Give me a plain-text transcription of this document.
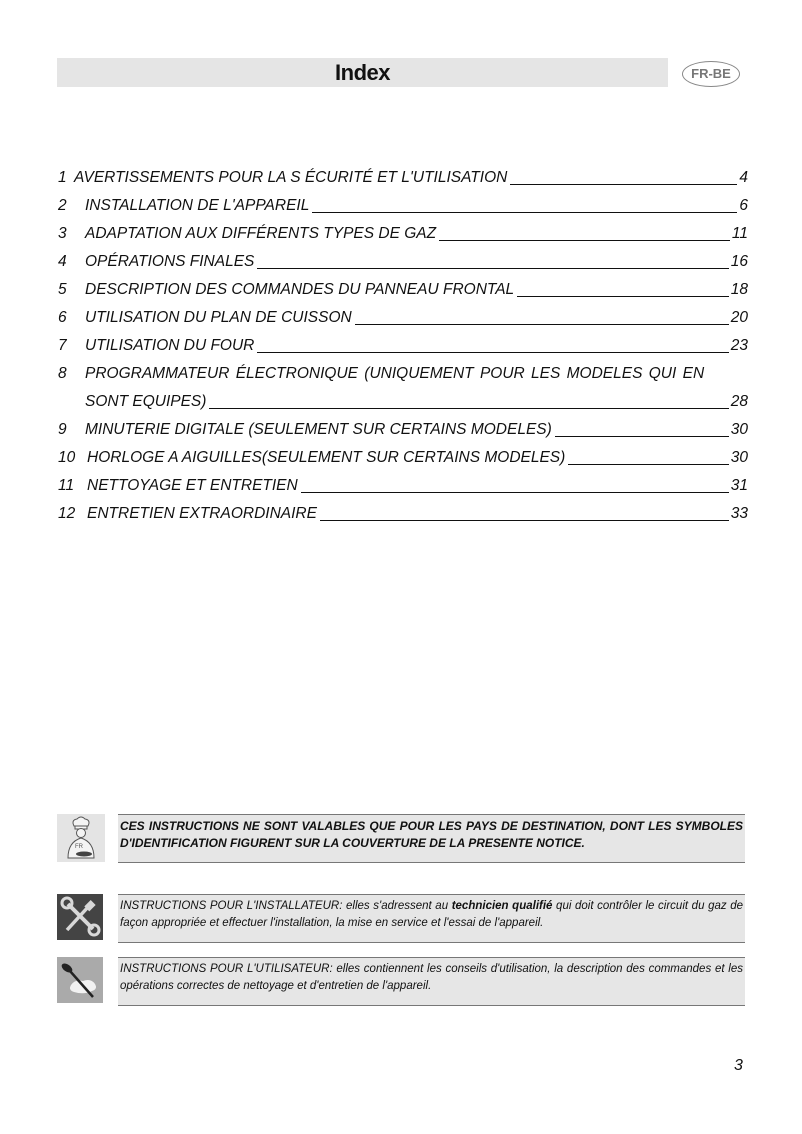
Index	FR-BE
1 AVERTISSEMENTS POUR LA S ÉCURITÉ ET L'UTILISATION	4
2	INSTALLATION DE L'APPAREIL	6
3	ADAPTATION AUX DIFFÉRENTS TYPES DE GAZ	11
4	OPÉRATIONS FINALES	16
5	DESCRIPTION DES COMMANDES DU PANNEAU FRONTAL	18
6	UTILISATION DU PLAN DE CUISSON	20
7	UTILISATION DU FOUR	23
8	PROGRAMMATEUR ÉLECTRONIQUE (UNIQUEMENT POUR LES MODELES QUI EN
SONT EQUIPES)	28
9	MINUTERIE DIGITALE (SEULEMENT SUR CERTAINS MODELES)	30
10 HORLOGE A AIGUILLES(SEULEMENT SUR CERTAINS MODELES)	30
11 NETTOYAGE ET ENTRETIEN	31
12 ENTRETIEN EXTRAORDINAIRE	33
FR
CES INSTRUCTIONS NE SONT VALABLES QUE POUR LES PAYS DE DESTINATION, DONT LES SYMBOLES D'IDENTIFICATION FIGURENT SUR LA COUVERTURE DE LA PRESENTE NOTICE.
INSTRUCTIONS POUR L'INSTALLATEUR: elles s'adressent au technicien qualifié qui doit contrôler le circuit du gaz de façon appropriée et effectuer l'installation, la mise en service et l'essai de l'appareil.
INSTRUCTIONS POUR L'UTILISATEUR: elles contiennent les conseils d'utilisation, la description des commandes et les opérations correctes de nettoyage et d'entretien de l'appareil.
3
